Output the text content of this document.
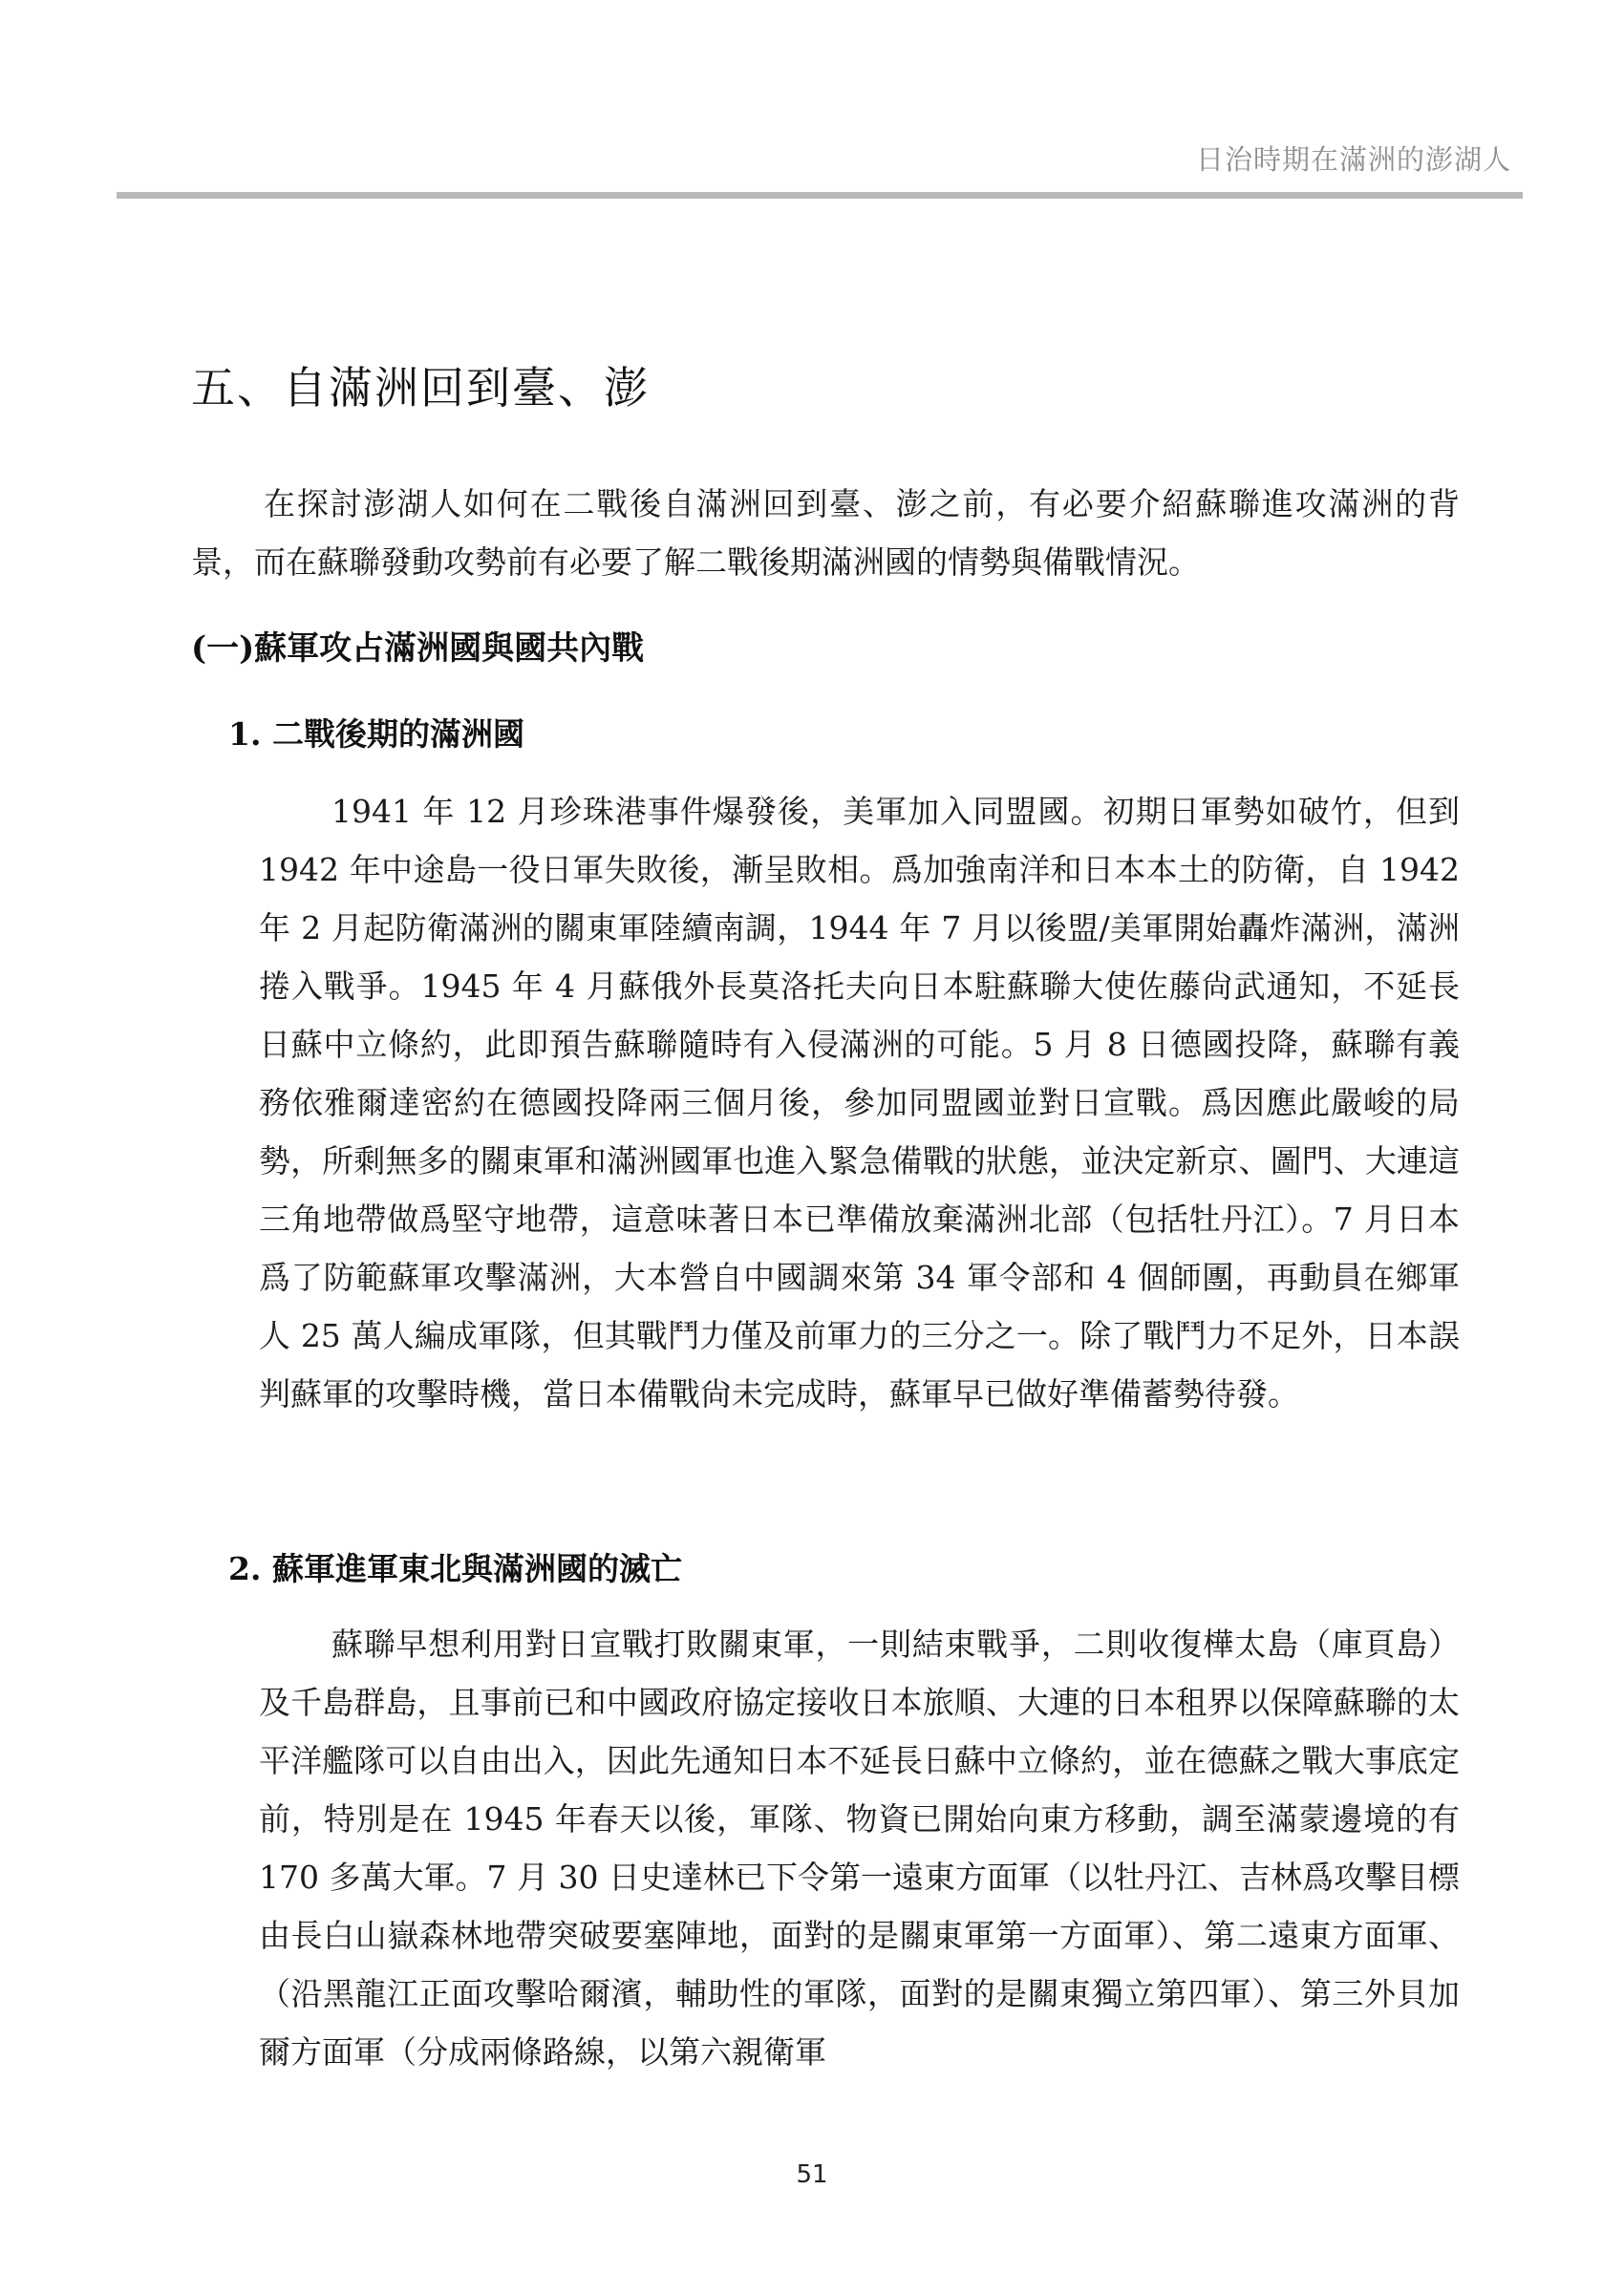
日治時期在滿洲的澎湖人
五、自滿洲回到臺、澎

在探討澎湖人如何在二戰後自滿洲回到臺、澎之前，有必要介紹蘇聯進攻滿洲的背景，而在蘇聯發動攻勢前有必要了解二戰後期滿洲國的情勢與備戰情況。

(一)蘇軍攻占滿洲國與國共內戰
1. 二戰後期的滿洲國

1941 年 12 月珍珠港事件爆發後，美軍加入同盟國。初期日軍勢如破竹，但到 1942 年中途島一役日軍失敗後，漸呈敗相。爲加強南洋和日本本土的防衛，自 1942 年 2 月起防衛滿洲的關東軍陸續南調，1944 年 7 月以後盟/美軍開始轟炸滿洲，滿洲捲入戰爭。1945 年 4 月蘇俄外長莫洛托夫向日本駐蘇聯大使佐藤尙武通知，不延長日蘇中立條約，此即預告蘇聯隨時有入侵滿洲的可能。5 月 8 日德國投降，蘇聯有義務依雅爾達密約在德國投降兩三個月後，參加同盟國並對日宣戰。爲因應此嚴峻的局勢，所剩無多的關東軍和滿洲國軍也進入緊急備戰的狀態，並決定新京、圖門、大連這三角地帶做爲堅守地帶，這意味著日本已準備放棄滿洲北部（包括牡丹江）。7 月日本爲了防範蘇軍攻擊滿洲，大本營自中國調來第 34 軍令部和 4 個師團，再動員在鄉軍人 25 萬人編成軍隊，但其戰鬥力僅及前軍力的三分之一。除了戰鬥力不足外，日本誤判蘇軍的攻擊時機，當日本備戰尙未完成時，蘇軍早已做好準備蓄勢待發。

2. 蘇軍進軍東北與滿洲國的滅亡

蘇聯早想利用對日宣戰打敗關東軍，一則結束戰爭，二則收復樺太島（庫頁島）及千島群島，且事前已和中國政府協定接收日本旅順、大連的日本租界以保障蘇聯的太平洋艦隊可以自由出入，因此先通知日本不延長日蘇中立條約，並在德蘇之戰大事底定前，特別是在 1945 年春天以後，軍隊、物資已開始向東方移動，調至滿蒙邊境的有 170 多萬大軍。7 月 30 日史達林已下令第一遠東方面軍（以牡丹江、吉林爲攻擊目標由長白山嶽森林地帶突破要塞陣地，面對的是關東軍第一方面軍）、第二遠東方面軍、（沿黑龍江正面攻擊哈爾濱，輔助性的軍隊，面對的是關東獨立第四軍）、第三外貝加爾方面軍（分成兩條路線，以第六親衛軍

51
